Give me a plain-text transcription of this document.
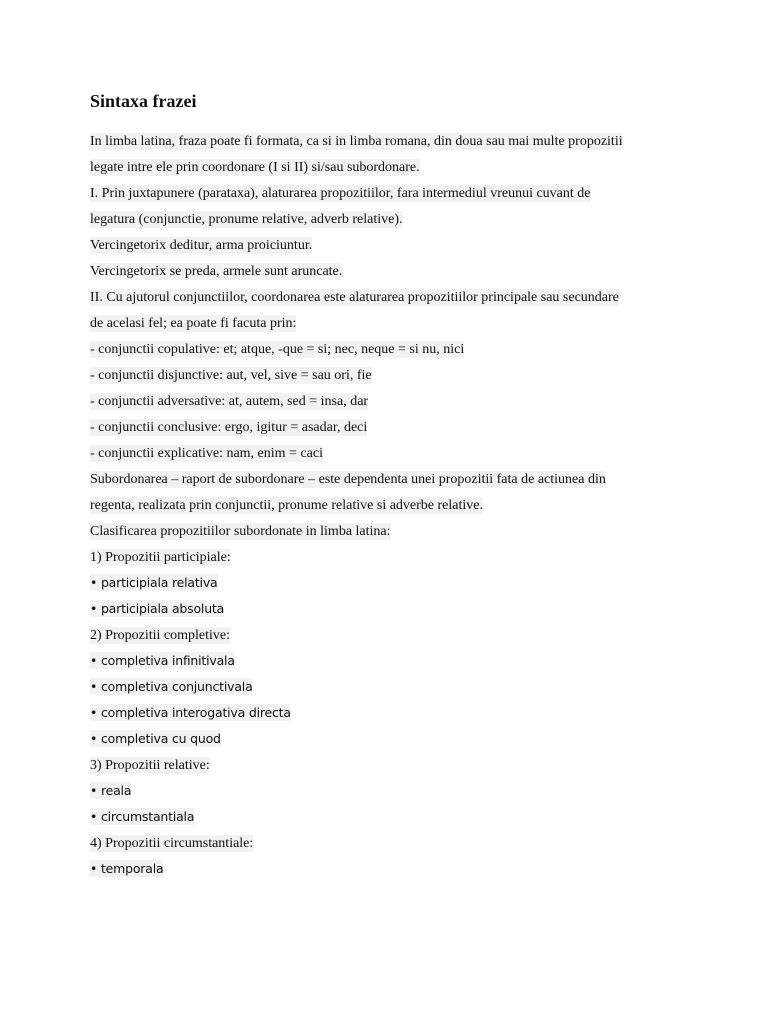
Sintaxa frazei
In limba latina, fraza poate fi formata, ca si in limba romana, din doua sau mai multe propozitii
legate intre ele prin coordonare (I si II) si/sau subordonare.
I. Prin juxtapunere (parataxa), alaturarea propozitiilor, fara intermediul vreunui cuvant de
legatura (conjunctie, pronume relative, adverb relative).
Vercingetorix deditur, arma proiciuntur.
Vercingetorix se preda, armele sunt aruncate.
II. Cu ajutorul conjunctiilor, coordonarea este alaturarea propozitiilor principale sau secundare
de acelasi fel; ea poate fi facuta prin:
- conjunctii copulative: et; atque, -que = si; nec, neque = si nu, nici
- conjunctii disjunctive: aut, vel, sive = sau ori, fie
- conjunctii adversative: at, autem, sed = insa, dar
- conjunctii conclusive: ergo, igitur = asadar, deci
- conjunctii explicative: nam, enim = caci
Subordonarea – raport de subordonare – este dependenta unei propozitii fata de actiunea din
regenta, realizata prin conjunctii, pronume relative si adverbe relative.
Clasificarea propozitiilor subordonate in limba latina:
1) Propozitii participiale:
• participiala relativa
• participiala absoluta
2) Propozitii completive:
• completiva infinitivala
• completiva conjunctivala
• completiva interogativa directa
• completiva cu quod
3) Propozitii relative:
• reala
• circumstantiala
4) Propozitii circumstantiale:
• temporala
